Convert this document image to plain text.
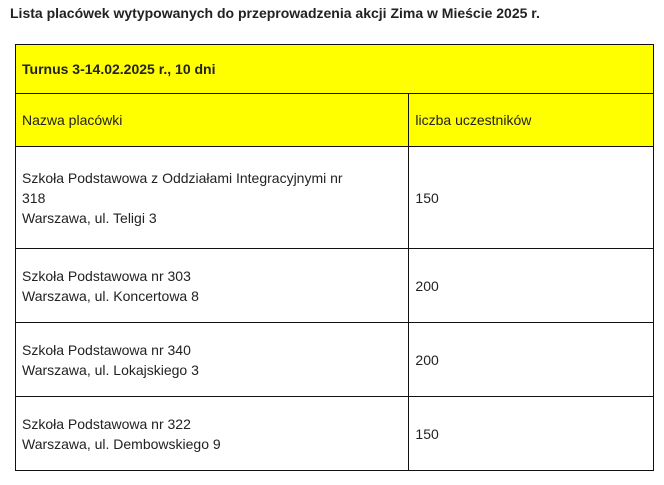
Lista placówek wytypowanych do przeprowadzenia akcji Zima w Mieście 2025 r.
Turnus 3-14.02.2025 r., 10 dni	
Nazwa placówki	liczba uczestników

Szkoła Podstawowa z Oddziałami Integracyjnymi nr
318
Warszawa, ul. Teligi 3	150

Szkoła Podstawowa nr 303
Warszawa, ul. Koncertowa 8	200

Szkoła Podstawowa nr 340
Warszawa, ul. Lokajskiego 3	200

Szkoła Podstawowa nr 322
Warszawa, ul. Dembowskiego 9	150
